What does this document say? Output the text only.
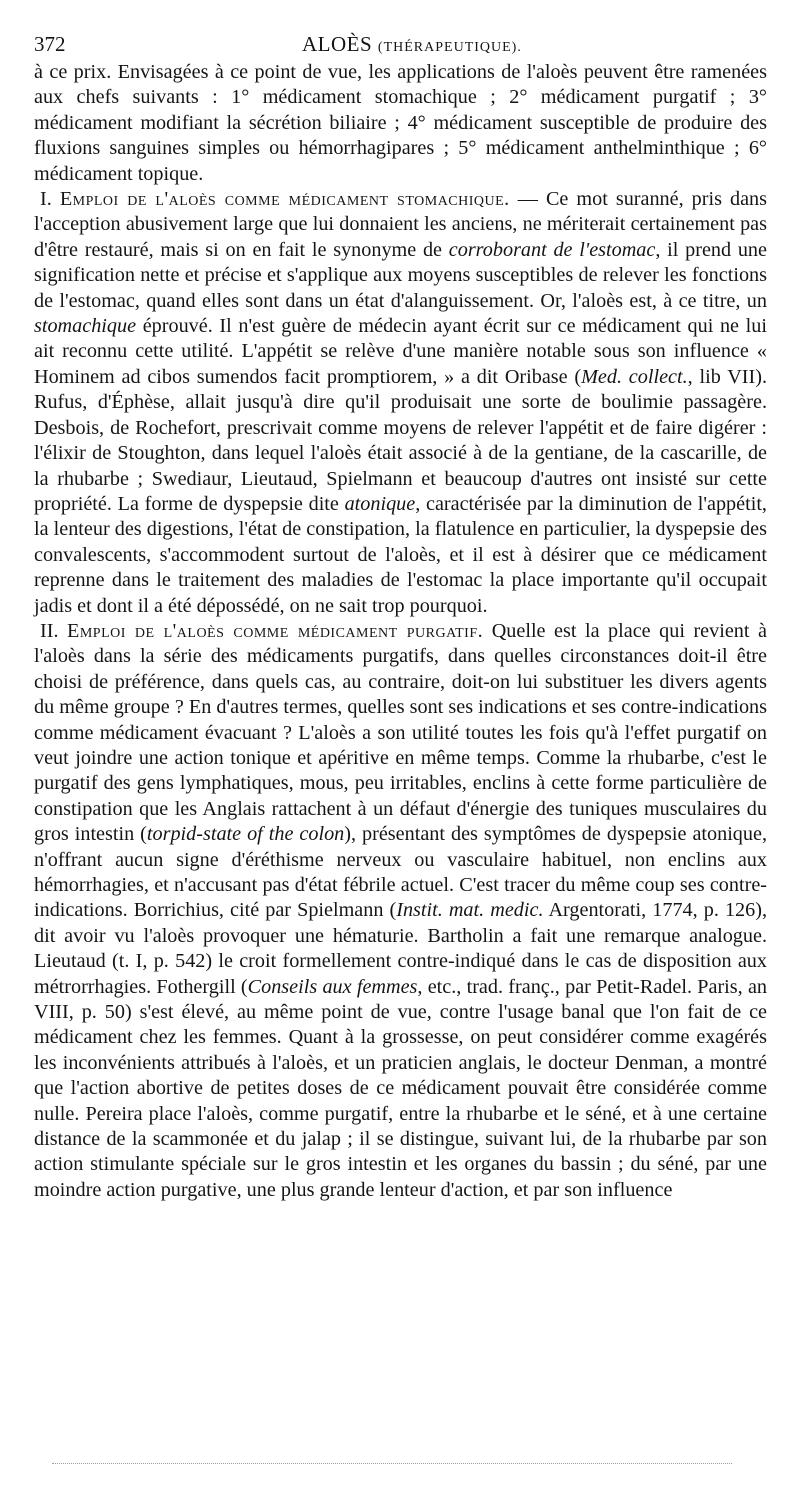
372	ALOÈS (THÉRAPEUTIQUE).

à ce prix. Envisagées à ce point de vue, les applications de l'aloès peuvent être ramenées aux chefs suivants : 1° médicament stomachique ; 2° médicament purgatif ; 3° médicament modifiant la sécrétion biliaire ; 4° médicament susceptible de produire des fluxions sanguines simples ou hémorrhagipares ; 5° médicament anthelminthique ; 6° médicament topique.

I. Emploi de l'aloès comme médicament stomachique. — Ce mot suranné, pris dans l'acception abusivement large que lui donnaient les anciens, ne mériterait certainement pas d'être restauré, mais si on en fait le synonyme de corroborant de l'estomac, il prend une signification nette et précise et s'applique aux moyens susceptibles de relever les fonctions de l'estomac, quand elles sont dans un état d'alanguissement. Or, l'aloès est, à ce titre, un stomachique éprouvé. Il n'est guère de médecin ayant écrit sur ce médicament qui ne lui ait reconnu cette utilité. L'appétit se relève d'une manière notable sous son influence « Hominem ad cibos sumendos facit promptiorem, » a dit Oribase (Med. collect., lib VII). Rufus, d'Éphèse, allait jusqu'à dire qu'il produisait une sorte de boulimie passagère. Desbois, de Rochefort, prescrivait comme moyens de relever l'appétit et de faire digérer : l'élixir de Stoughton, dans lequel l'aloès était associé à de la gentiane, de la cascarille, de la rhubarbe ; Swediaur, Lieutaud, Spielmann et beaucoup d'autres ont insisté sur cette propriété. La forme de dyspepsie dite atonique, caractérisée par la diminution de l'appétit, la lenteur des digestions, l'état de constipation, la flatulence en particulier, la dyspepsie des convalescents, s'accommodent surtout de l'aloès, et il est à désirer que ce médicament reprenne dans le traitement des maladies de l'estomac la place importante qu'il occupait jadis et dont il a été dépossédé, on ne sait trop pourquoi.

II. Emploi de l'aloès comme médicament purgatif. Quelle est la place qui revient à l'aloès dans la série des médicaments purgatifs, dans quelles circonstances doit-il être choisi de préférence, dans quels cas, au contraire, doit-on lui substituer les divers agents du même groupe ? En d'autres termes, quelles sont ses indications et ses contre-indications comme médicament évacuant ? L'aloès a son utilité toutes les fois qu'à l'effet purgatif on veut joindre une action tonique et apéritive en même temps. Comme la rhubarbe, c'est le purgatif des gens lymphatiques, mous, peu irritables, enclins à cette forme particulière de constipation que les Anglais rattachent à un défaut d'énergie des tuniques musculaires du gros intestin (torpid-state of the colon), présentant des symptômes de dyspepsie atonique, n'offrant aucun signe d'éréthisme nerveux ou vasculaire habituel, non enclins aux hémorrhagies, et n'accusant pas d'état fébrile actuel. C'est tracer du même coup ses contre-indications. Borrichius, cité par Spielmann (Instit. mat. medic. Argentorati, 1774, p. 126), dit avoir vu l'aloès provoquer une hématurie. Bartholin a fait une remarque analogue. Lieutaud (t. I, p. 542) le croit formellement contre-indiqué dans le cas de disposition aux métrorrhagies. Fothergill (Conseils aux femmes, etc., trad. franç., par Petit-Radel. Paris, an VIII, p. 50) s'est élevé, au même point de vue, contre l'usage banal que l'on fait de ce médicament chez les femmes. Quant à la grossesse, on peut considérer comme exagérés les inconvénients attribués à l'aloès, et un praticien anglais, le docteur Denman, a montré que l'action abortive de petites doses de ce médicament pouvait être considérée comme nulle. Pereira place l'aloès, comme purgatif, entre la rhubarbe et le séné, et à une certaine distance de la scammonée et du jalap ; il se distingue, suivant lui, de la rhubarbe par son action stimulante spéciale sur le gros intestin et les organes du bassin ; du séné, par une moindre action purgative, une plus grande lenteur d'action, et par son influence
